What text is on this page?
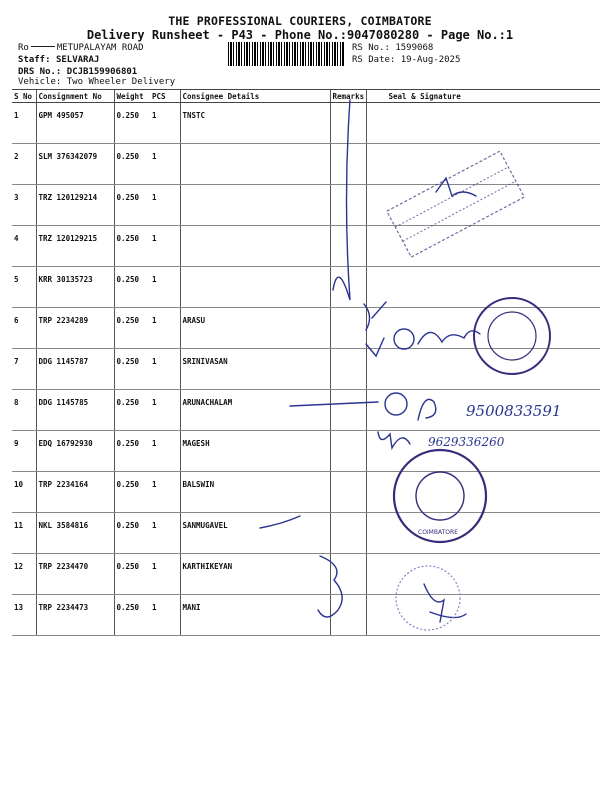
THE PROFESSIONAL COURIERS, COIMBATORE
Delivery Runsheet - P43 - Phone No.:9047080280 - Page No.:1
Ro	METUPALAYAM ROAD
Staff: SELVARAJ
DRS No.: DCJB159906801
Vehicle: Two Wheeler Delivery
RS No.: 1599068
RS Date: 19-Aug-2025
S No	Consignment No	Weight	PCS	Consignee Details	Remarks	Seal & Signature
1	GPM 495057	0.250	1	TNSTC		
2	SLM 376342079	0.250	1			
3	TRZ 120129214	0.250	1			
4	TRZ 120129215	0.250	1			
5	KRR 30135723	0.250	1			
6	TRP 2234289	0.250	1	ARASU		
7	DDG 1145787	0.250	1	SRINIVASAN		
8	DDG 1145785	0.250	1	ARUNACHALAM		
9	EDQ 16792930	0.250	1	MAGESH		
10	TRP 2234164	0.250	1	BALSWIN		
11	NKL 3584816	0.250	1	SANMUGAVEL		
12	TRP 2234470	0.250	1	KARTHIKEYAN		
13	TRP 2234473	0.250	1	MANI		
9500833591
9629336260
COIMBATORE
